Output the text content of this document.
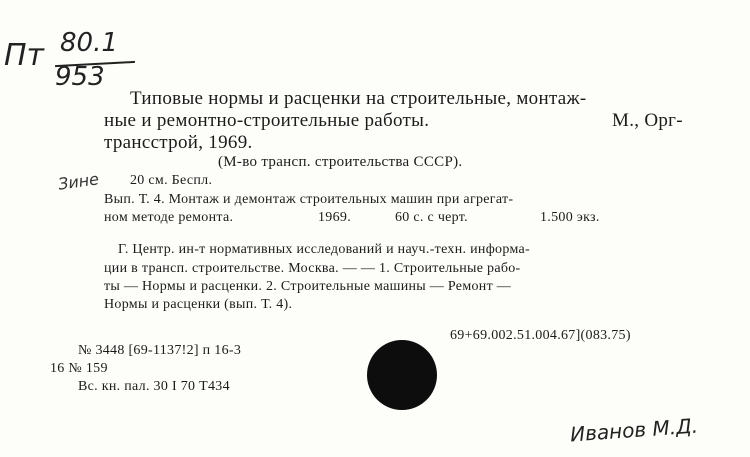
Пт 80.1
953
Типовые нормы и расценки на строительные, монтаж-
ные и ремонтно-строительные работы.	М., Орг-
трансстрой, 1969.
(М-во трансп. строительства СССР).
Зине 20 см. Беспл.
Вып. Т. 4. Монтаж и демонтаж строительных машин при агрегат-
ном методе ремонта.	1969.	60 с. с черт.	1.500 экз.
Г. Центр. ин-т нормативных исследований и науч.-техн. информа-
ции в трансп. строительстве. Москва. — — 1. Строительные рабо-
ты — Нормы и расценки. 2. Строительные машины — Ремонт —
Нормы и расценки (вып. Т. 4).
69+69.002.51.004.67](083.75)
№ 3448 [69-1137!2] п 16-3
16 № 159
Вс. кн. пал. 30 I 70 Т434
Иванов М.Д.
